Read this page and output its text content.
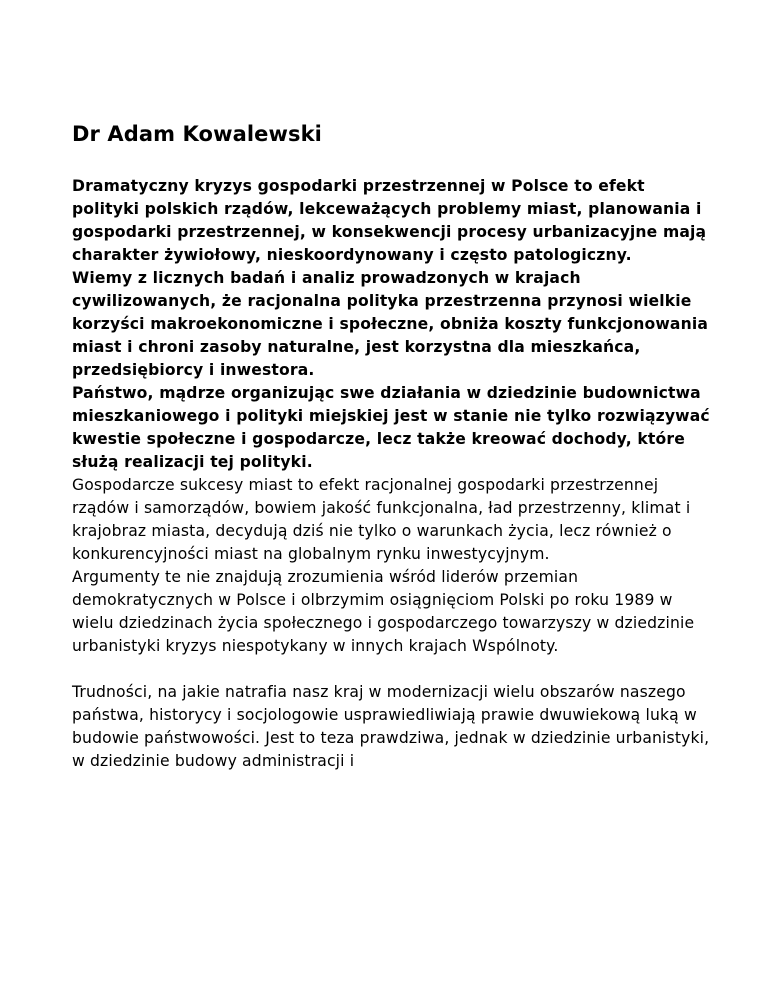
Dr Adam Kowalewski

Dramatyczny kryzys gospodarki przestrzennej w Polsce to efekt polityki polskich rządów, lekceważących problemy miast, planowania i gospodarki przestrzennej, w konsekwencji procesy urbanizacyjne mają charakter żywiołowy, nieskoordynowany i często patologiczny.

Wiemy z licznych badań i analiz prowadzonych w krajach cywilizowanych, że racjonalna polityka przestrzenna przynosi wielkie korzyści makroekonomiczne i społeczne, obniża koszty funkcjonowania miast i chroni zasoby naturalne, jest korzystna dla mieszkańca, przedsiębiorcy i inwestora.

Państwo, mądrze organizując swe działania w dziedzinie budownictwa mieszkaniowego i polityki miejskiej jest w stanie nie tylko rozwiązywać kwestie społeczne i gospodarcze, lecz także kreować dochody, które służą realizacji tej polityki.

Gospodarcze sukcesy miast to efekt racjonalnej gospodarki przestrzennej rządów i samorządów, bowiem jakość funkcjonalna, ład przestrzenny, klimat i krajobraz miasta, decydują dziś nie tylko o warunkach życia, lecz również o konkurencyjności miast na globalnym rynku inwestycyjnym.

Argumenty te nie znajdują zrozumienia wśród liderów przemian demokratycznych w Polsce i olbrzymim osiągnięciom Polski po roku 1989 w wielu dziedzinach życia społecznego i gospodarczego towarzyszy w dziedzinie urbanistyki kryzys niespotykany w innych krajach Wspólnoty.

Trudności, na jakie natrafia nasz kraj w modernizacji wielu obszarów naszego państwa, historycy i socjologowie usprawiedliwiają prawie dwuwiekową luką w budowie państwowości. Jest to teza prawdziwa, jednak w dziedzinie urbanistyki, w dziedzinie budowy administracji i
